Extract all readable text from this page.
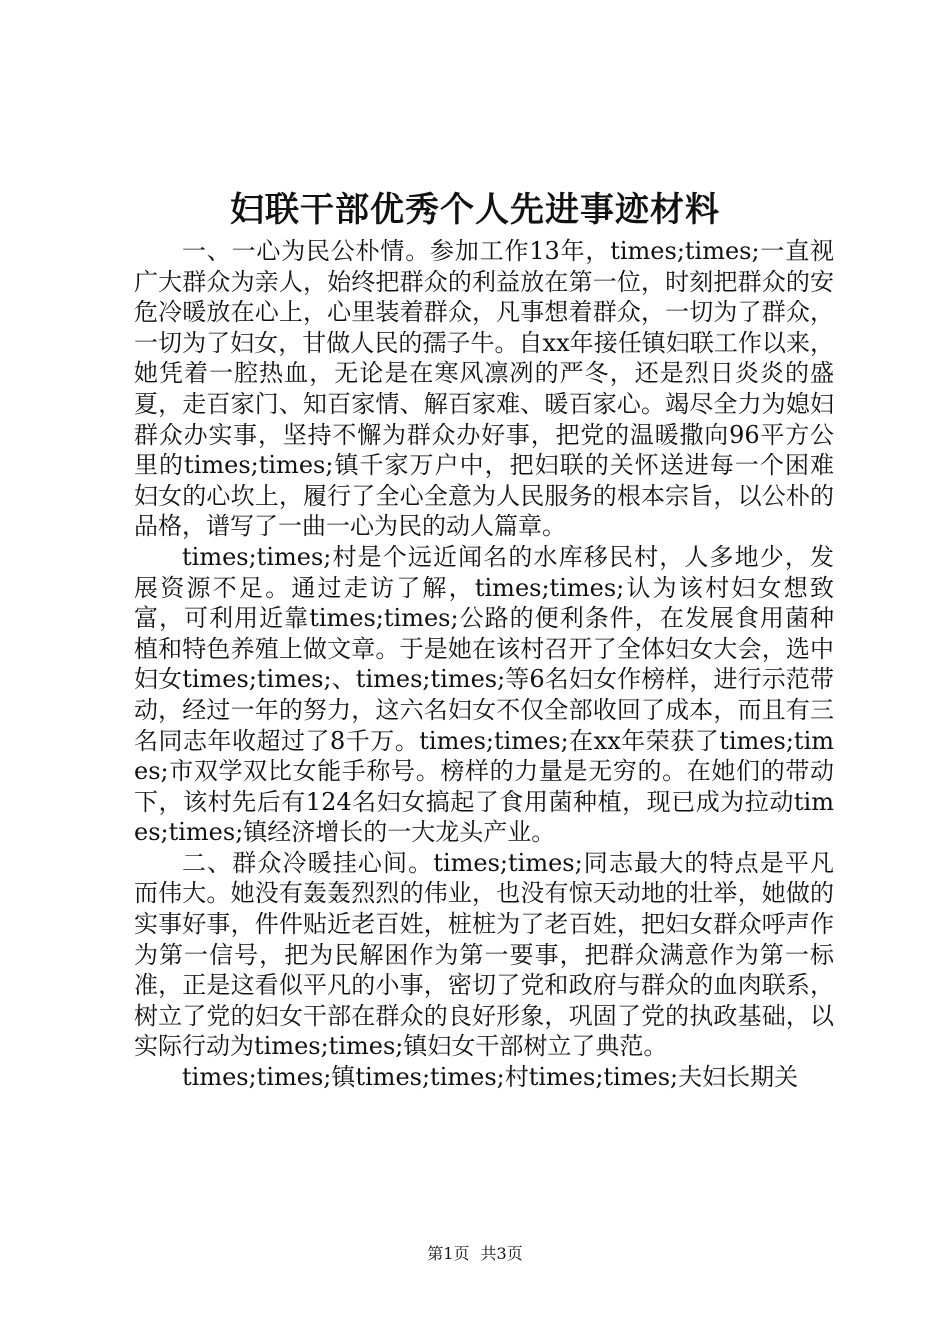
妇联干部优秀个人先进事迹材料

一、一心为民公朴情。参加工作13年，times;times;一直视广大群众为亲人，始终把群众的利益放在第一位，时刻把群众的安危冷暖放在心上，心里装着群众，凡事想着群众，一切为了群众，一切为了妇女，甘做人民的孺子牛。自xx年接任镇妇联工作以来，她凭着一腔热血，无论是在寒风凛冽的严冬，还是烈日炎炎的盛夏，走百家门、知百家情、解百家难、暖百家心。竭尽全力为媳妇群众办实事，坚持不懈为群众办好事，把党的温暖撒向96平方公里的times;times;镇千家万户中，把妇联的关怀送进每一个困难妇女的心坎上，履行了全心全意为人民服务的根本宗旨，以公朴的品格，谱写了一曲一心为民的动人篇章。

times;times;村是个远近闻名的水库移民村，人多地少，发展资源不足。通过走访了解，times;times;认为该村妇女想致富，可利用近靠times;times;公路的便利条件，在发展食用菌种植和特色养殖上做文章。于是她在该村召开了全体妇女大会，选中妇女times;times;、times;times;等6名妇女作榜样，进行示范带动，经过一年的努力，这六名妇女不仅全部收回了成本，而且有三名同志年收超过了8千万。times;times;在xx年荣获了times;times;市双学双比女能手称号。榜样的力量是无穷的。在她们的带动下，该村先后有124名妇女搞起了食用菌种植，现已成为拉动times;times;镇经济增长的一大龙头产业。

二、群众冷暖挂心间。times;times;同志最大的特点是平凡而伟大。她没有轰轰烈烈的伟业，也没有惊天动地的壮举，她做的实事好事，件件贴近老百姓，桩桩为了老百姓，把妇女群众呼声作为第一信号，把为民解困作为第一要事，把群众满意作为第一标准，正是这看似平凡的小事，密切了党和政府与群众的血肉联系，树立了党的妇女干部在群众的良好形象，巩固了党的执政基础，以实际行动为times;times;镇妇女干部树立了典范。

times;times;镇times;times;村times;times;夫妇长期关

第1页 共3页
